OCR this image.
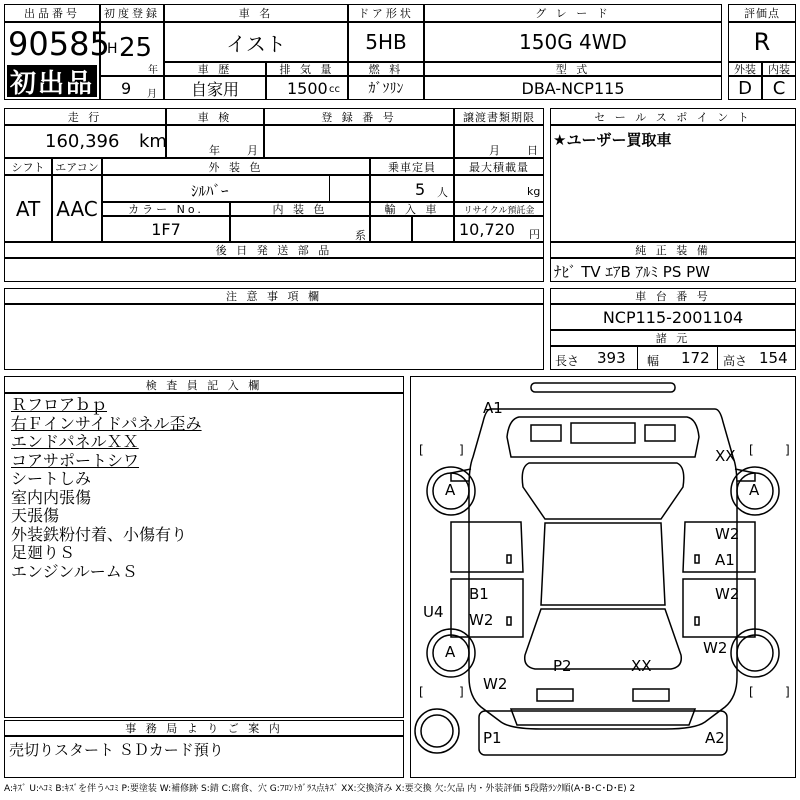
出品番号
90585
初出品
初度登録
H 25
年
9 月
車 名
イスト
ドア形状
5HB
グ レ ー ド
150G 4WD
評価点
R
車 歴
自家用
排 気 量
1500 cc
燃 料
ｶﾞｿﾘﾝ
型 式
DBA-NCP115
外装	内装
D	C
走 行
160,396 km
車 検
年 月
登 録 番 号	譲渡書類期限
月 日
セ ー ル ス ポ イ ン ト
★ユーザー買取車
シフト
AT
エアコン
AAC
外 装 色
ｼﾙﾊﾞｰ
乗車定員
5 人
最大積載量
kg
カラー No.
1F7
内 装 色
系
輸 入 車	リサイクル預託金
10,720 円
後 日 発 送 部 品	純 正 装 備
ﾅﾋﾞ TV ｴｱB ｱﾙﾐ PS PW
注 意 事 項 欄	車 台 番 号
NCP115-2001104
諸 元
長さ 393 幅 172 高さ 154
検 査 員 記 入 欄
Ｒフロアｂｐ
右Ｆインサイドパネル歪み
エンドパネルＸＸ
コアサポートシワ
シートしみ
室内内張傷
天張傷
外装鉄粉付着、小傷有り
足廻りＳ
エンジンルームＳ
事 務 局 よ り ご 案 内
売切りスタート ＳＤカード預り
[	]	[	]
[	]	[	]
A1
XX
A	A
W2
A1
B1
W2
U4
W2
A	W2
P2	XX
W2
P1	A2
A:ｷｽﾞ U:ﾍｺﾐ B:ｷｽﾞを伴うﾍｺﾐ P:要塗装 W:補修跡 S:錆 C:腐食、穴 G:ﾌﾛﾝﾄｶﾞﾗｽ点ｷｽﾞ XX:交換済み X:要交換 欠:欠品 内・外装評価 5段階ﾗﾝｸ順(A･B･C･D･E) 2
